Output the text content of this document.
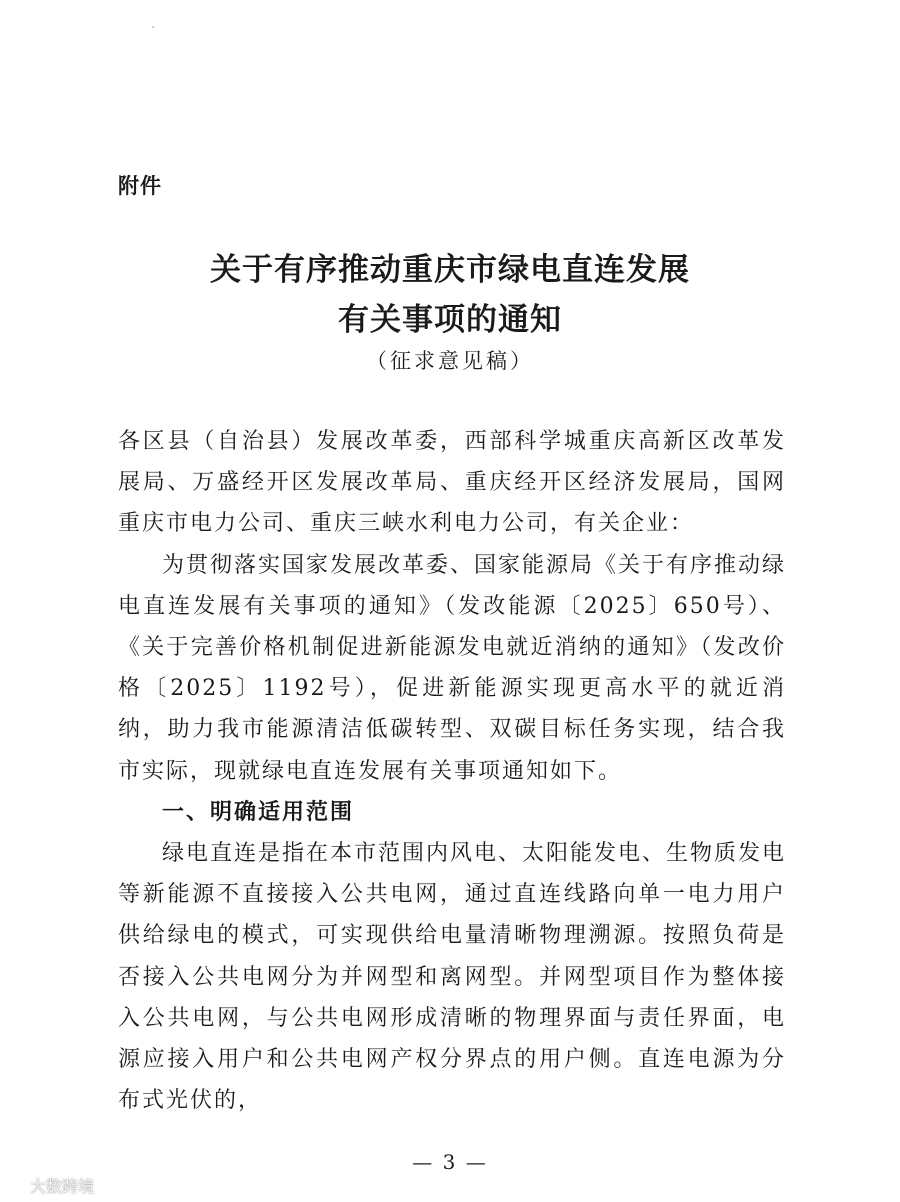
附件
关于有序推动重庆市绿电直连发展
有关事项的通知
（征求意见稿）

各区县（自治县）发展改革委，西部科学城重庆高新区改革发展局、万盛经开区发展改革局、重庆经开区经济发展局，国网重庆市电力公司、重庆三峡水利电力公司，有关企业：

为贯彻落实国家发展改革委、国家能源局《关于有序推动绿电直连发展有关事项的通知》（发改能源〔2025〕650号）、《关于完善价格机制促进新能源发电就近消纳的通知》（发改价格〔2025〕1192号），促进新能源实现更高水平的就近消纳，助力我市能源清洁低碳转型、双碳目标任务实现，结合我市实际，现就绿电直连发展有关事项通知如下。

一、明确适用范围

绿电直连是指在本市范围内风电、太阳能发电、生物质发电等新能源不直接接入公共电网，通过直连线路向单一电力用户供给绿电的模式，可实现供给电量清晰物理溯源。按照负荷是否接入公共电网分为并网型和离网型。并网型项目作为整体接入公共电网，与公共电网形成清晰的物理界面与责任界面，电源应接入用户和公共电网产权分界点的用户侧。直连电源为分布式光伏的，

— 3 —
大数跨境
